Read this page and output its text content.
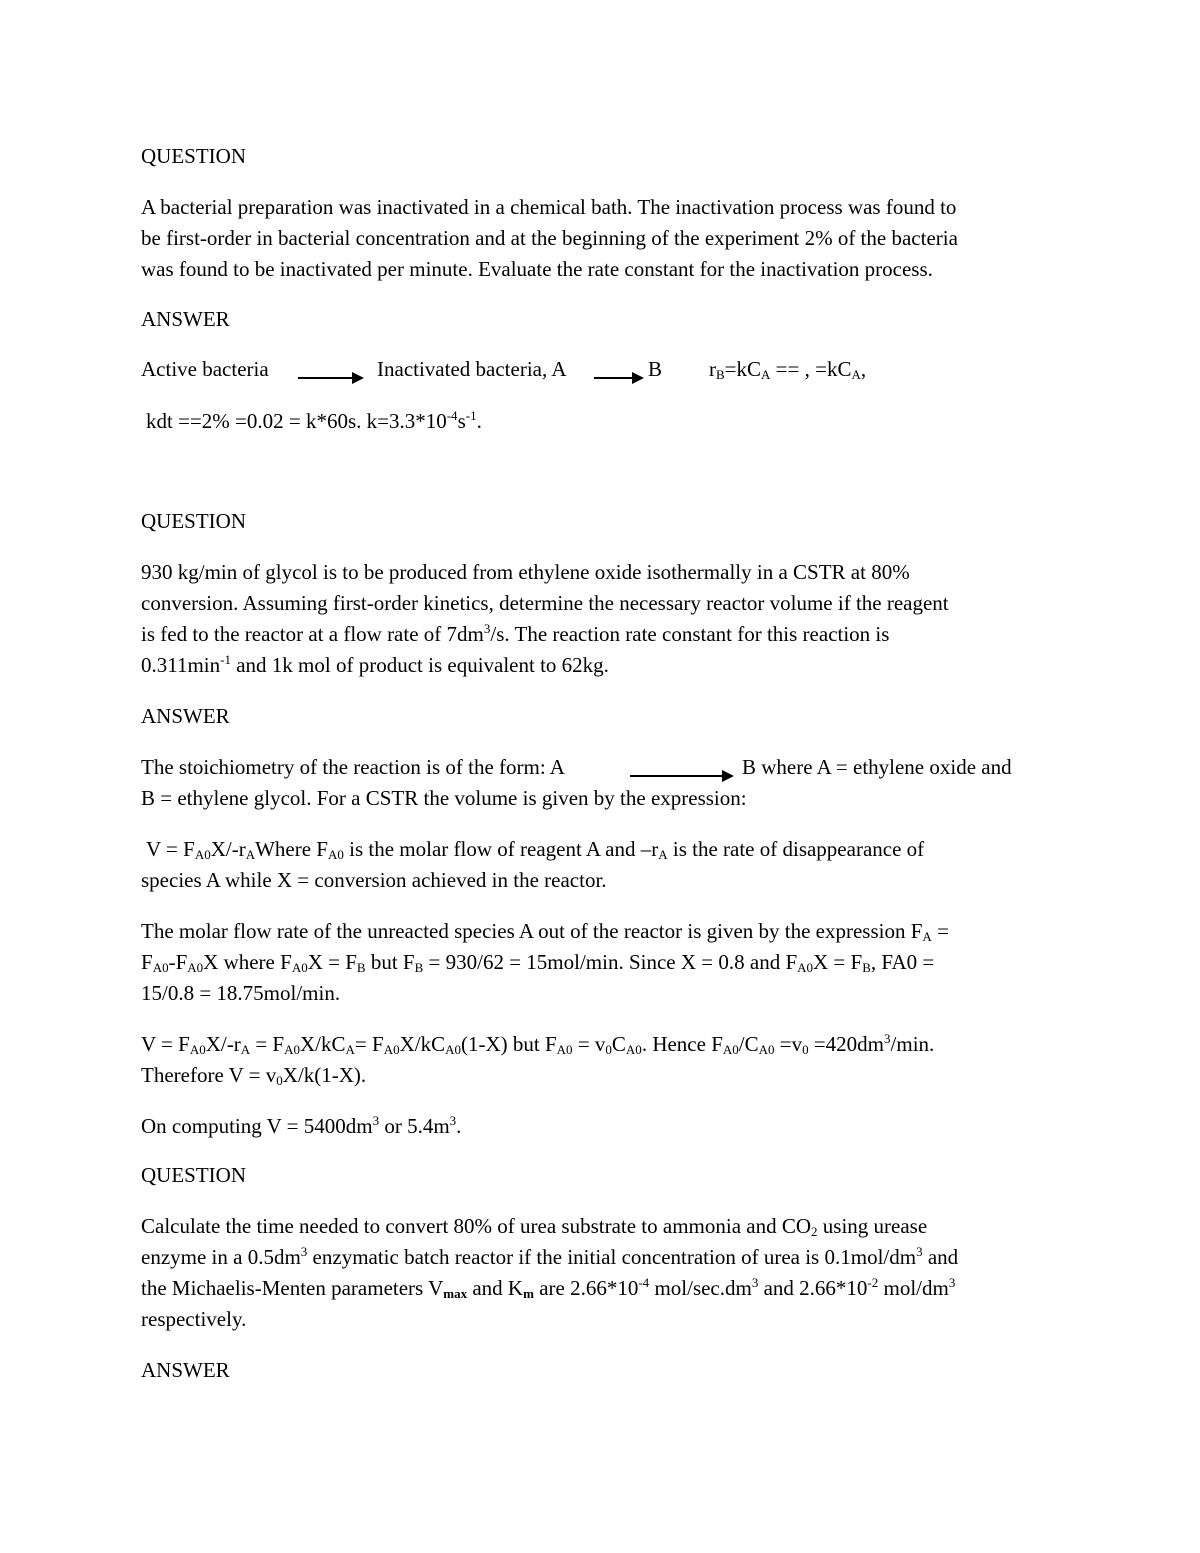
QUESTION
A bacterial preparation was inactivated in a chemical bath. The inactivation process was found to
be first-order in bacterial concentration and at the beginning of the experiment 2% of the bacteria
was found to be inactivated per minute. Evaluate the rate constant for the inactivation process.
ANSWER
Active bacteria	Inactivated bacteria, A	B $r_B=kC_A$ == , $=kC_A$,
kdt ==2% =0.02 = k*60s. $k=3.3*10^{-4}s^{-1}$.
QUESTION
930 kg/min of glycol is to be produced from ethylene oxide isothermally in a CSTR at 80%
conversion. Assuming first-order kinetics, determine the necessary reactor volume if the reagent
is fed to the reactor at a flow rate of $7dm^3/s$. The reaction rate constant for this reaction is
$0.311\min^{-1}$ and 1k mol of product is equivalent to 62kg.
ANSWER
The stoichiometry of the reaction is of the form: A	B where A = ethylene oxide and
B = ethylene glycol. For a CSTR the volume is given by the expression:
$V = F_{A0}X/-r_AWhere$ $F_{A0}$ is the molar flow of reagent A and $-r_A$ is the rate of disappearance of
species A while X = conversion achieved in the reactor.
The molar flow rate of the unreacted species A out of the reactor is given by the expression $F_A$ =
$F_{A0}-F_{A0}X$ where $F_{A0}X = F_B$ but $F_B = 930/62 = 15mol/\min$. Since X = 0.8 and $F_{A0}X = F_B$, FA0 =
15/0.8 = 18.75mol/min.
$V = F_{A0}X/-r_A = F_{A0}X/kC_A= F_{A0}X/kC_{A0}(1-X)$ but $F_{A0} = v_0C_{A0}$. Hence $F_{A0}/C_{A0} =v_0 =420dm^3/\min$.
Therefore $V = v_0X/k(1-X)$.
On computing $V = 5400dm^3$ or $5.4m^3$.
QUESTION
Calculate the time needed to convert 80% of urea substrate to ammonia and $CO_2$ using urease
enzyme in a $0.5dm^3$ enzymatic batch reactor if the initial concentration of urea is $0.1mol/dm^3$ and
the Michaelis-Menten parameters $V_{max}$ and $K_m$ are $2.66*10^{-4}$ mol/$\sec.dm^3$ and $2.66*10^{-2}$ mol/$dm^3$
respectively.
ANSWER
